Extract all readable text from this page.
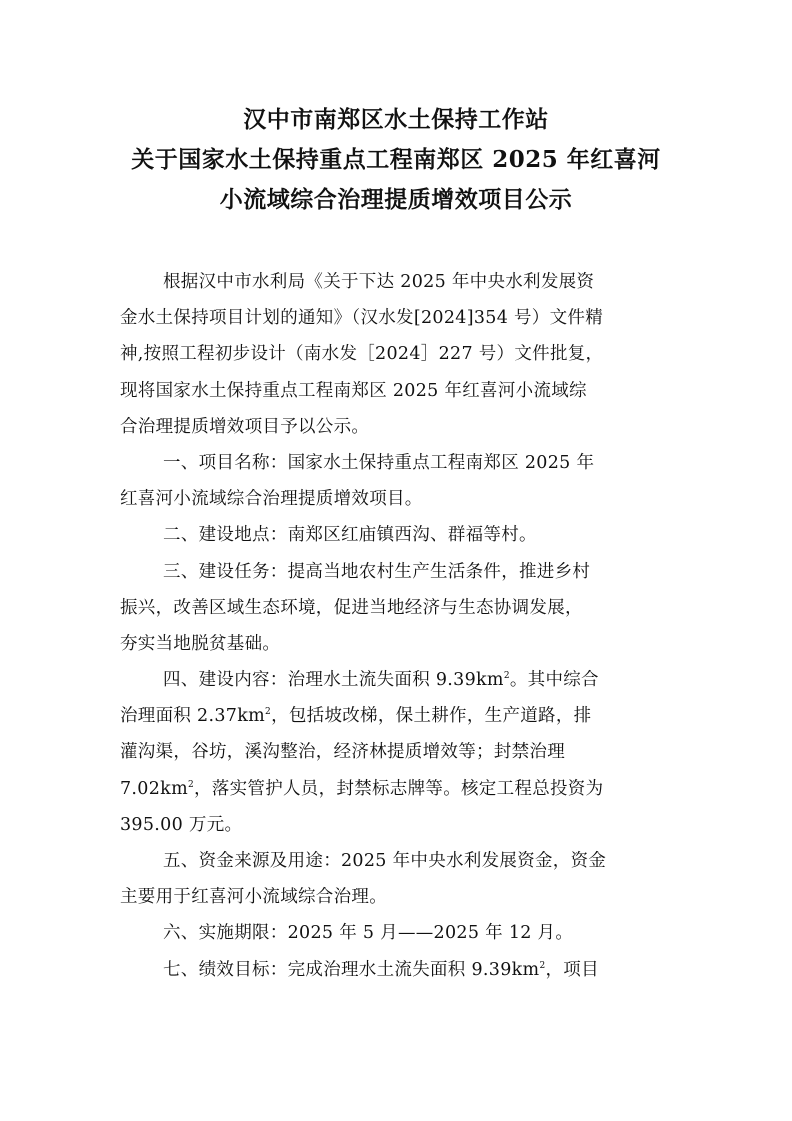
汉中市南郑区水土保持工作站
关于国家水土保持重点工程南郑区 2025 年红喜河
小流域综合治理提质增效项目公示
根据汉中市水利局《关于下达 2025 年中央水利发展资
金水土保持项目计划的通知》（汉水发[2024]354 号）文件精
神,按照工程初步设计（南水发［2024］227 号）文件批复，
现将国家水土保持重点工程南郑区 2025 年红喜河小流域综
合治理提质增效项目予以公示。
一、项目名称：国家水土保持重点工程南郑区 2025 年
红喜河小流域综合治理提质增效项目。
二、建设地点：南郑区红庙镇西沟、群福等村。
三、建设任务：提高当地农村生产生活条件，推进乡村
振兴，改善区域生态环境，促进当地经济与生态协调发展，
夯实当地脱贫基础。
四、建设内容：治理水土流失面积 $9.39km^2$。其中综合
治理面积 $2.37km^2$，包括坡改梯，保土耕作，生产道路，排
灌沟渠，谷坊，溪沟整治，经济林提质增效等；封禁治理
$7.02km^2$，落实管护人员，封禁标志牌等。核定工程总投资为
395.00 万元。
五、资金来源及用途：2025 年中央水利发展资金，资金
主要用于红喜河小流域综合治理。
六、实施期限：2025 年 5 月——2025 年 12 月。
七、绩效目标：完成治理水土流失面积 $9.39km^2$，项目
